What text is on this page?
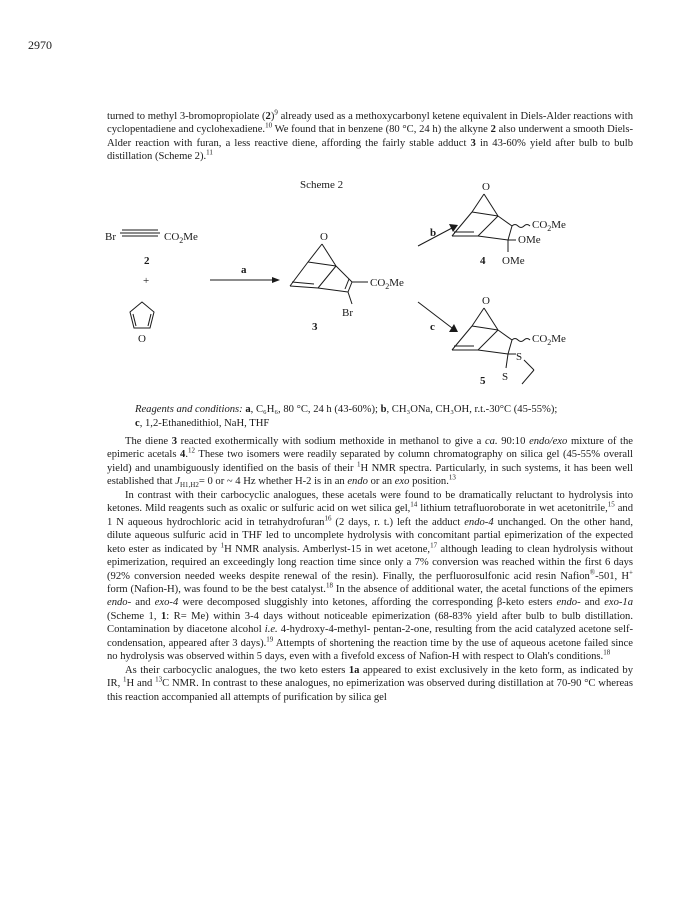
2970

turned to methyl 3-bromopropiolate $(2)^9$ already used as a methoxycarbonyl ketene equivalent in Diels-Alder reactions with cyclopentadiene and cyclohexadiene.$^{10}$ We found that in benzene (80 °C, 24 h) the alkyne 2 also underwent a smooth Diels-Alder reaction with furan, a less reactive diene, affording the fairly stable adduct 3 in 43-60% yield after bulb to bulb distillation (Scheme 2).$^{11}$

Scheme 2
Br	$CO_2Me$
2
+
O
a
O
$CO_2Me$
Br
3
b
O
$CO_2Me$
OMe
OMe
4
c
O
$CO_2Me$
S
S
5
Reagents and conditions: a, C₆H₆, 80 °C, 24 h (43-60%); b, CH₃ONa, CH₃OH, r.t.-30°C (45-55%);
c, 1,2-Ethanedithiol, NaH, THF

The diene 3 reacted exothermically with sodium methoxide in methanol to give a ca. 90:10 endo/exo mixture of the epimeric acetals 4.12 These two isomers were readily separated by column chromatography on silica gel (45-55% overall yield) and unambiguously identified on the basis of their $^1$H NMR spectra. Particularly, in such systems, it has been well established that $J_{H1,H2}= 0$ or ~ 4 Hz whether H-2 is in an endo or an exo position.$^{13}$

In contrast with their carbocyclic analogues, these acetals were found to be dramatically reluctant to hydrolysis into ketones. Mild reagents such as oxalic or sulfuric acid on wet silica gel,$^{14}$ lithium tetrafluoroborate in wet acetonitrile,$^{15}$ and 1 N aqueous hydrochloric acid in tetrahydrofuran$^{16}$ (2 days, r. t.) left the adduct endo-4 unchanged. On the other hand, dilute aqueous sulfuric acid in THF led to uncomplete hydrolysis with concomitant partial epimerization of the expected keto ester as indicated by $^1$H NMR analysis. Amberlyst-15 in wet acetone,$^{17}$ although leading to clean hydrolysis without epimerization, required an exceedingly long reaction time since only a 7% conversion was reached within the first 6 days (92% conversion needed weeks despite renewal of the resin). Finally, the perfluorosulfonic acid resin Nafion®-501, H+ form (Nafion-H), was found to be the best catalyst.$^{18}$ In the absence of additional water, the acetal functions of the epimers endo- and exo-4 were decomposed sluggishly into ketones, affording the corresponding β-keto esters endo- and exo-1a (Scheme 1, 1: R= Me) within 3-4 days without noticeable epimerization (68-83% yield after bulb to bulb distillation. Contamination by diacetone alcohol i.e. 4-hydroxy-4-methyl- pentan-2-one, resulting from the acid catalyzed acetone self-condensation, appeared after 3 days).$^{19}$ Attempts of shortening the reaction time by the use of aqueous acetone failed since no hydrolysis was observed within 5 days, even with a fivefold excess of Nafion-H with respect to Olah's conditions.$^{18}$

As their carbocyclic analogues, the two keto esters 1a appeared to exist exclusively in the keto form, as indicated by IR, $^1$H and $^{13}$C NMR. In contrast to these analogues, no epimerization was observed during distillation at 70-90 °C whereas this reaction accompanied all attempts of purification by silica gel
